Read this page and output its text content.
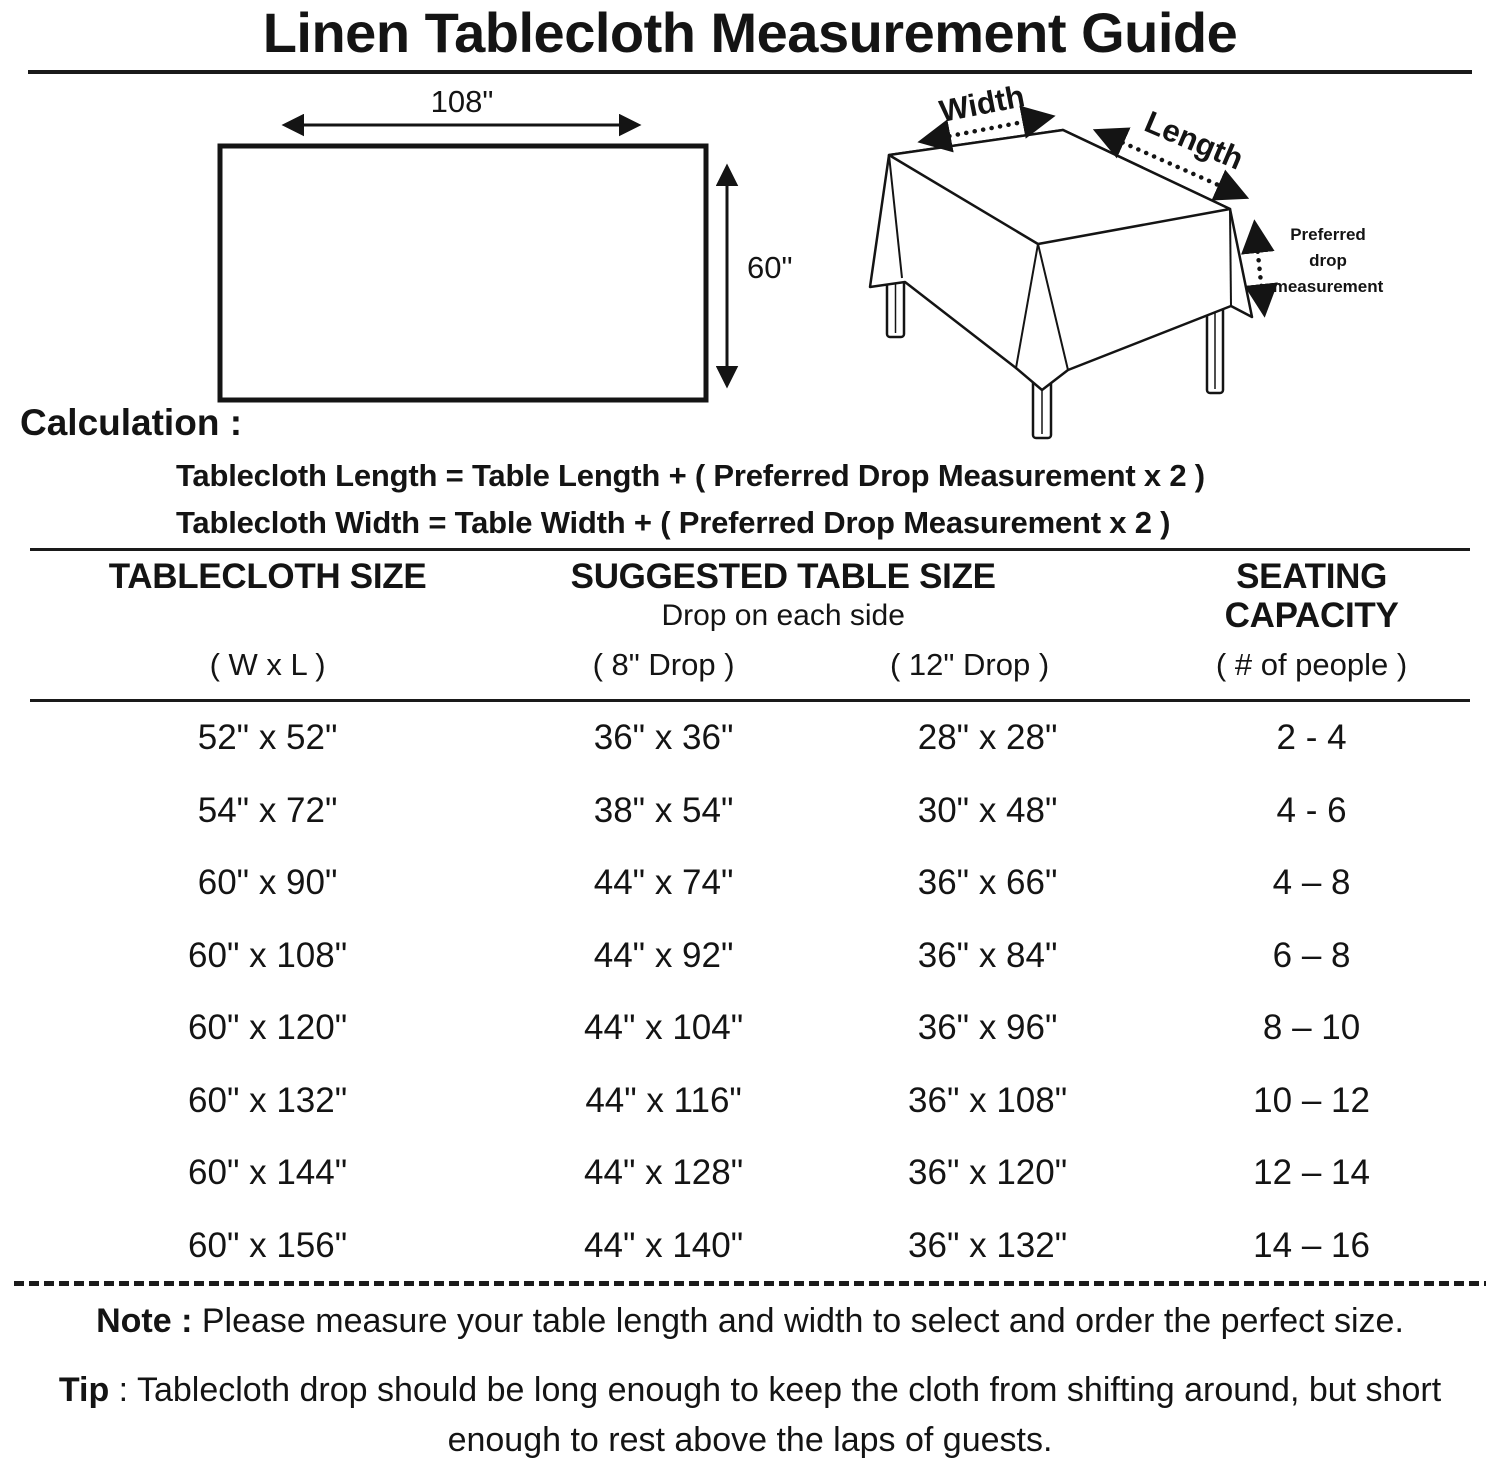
Linen Tablecloth Measurement Guide
108"
60"
Width
Length
Preferred
drop
measurement
Calculation :
Tablecloth Length = Table Length + ( Preferred Drop Measurement x 2 )
Tablecloth Width = Table Width + ( Preferred Drop Measurement x 2 )
TABLECLOTH SIZE	SUGGESTED TABLE SIZE
Drop on each side
SEATING CAPACITY
( W x L )	( 8" Drop )	( 12" Drop )	( # of people )
52" x 52"	36" x 36"	28" x 28"	2 - 4
54" x 72"	38" x 54"	30" x 48"	4 - 6
60" x 90"	44" x 74"	36" x 66"	4 – 8
60" x 108"	44" x 92"	36" x 84"	6 – 8
60" x 120"	44" x 104"	36" x 96"	8 – 10
60" x 132"	44" x 116"	36" x 108"	10 – 12
60" x 144"	44" x 128"	36" x 120"	12 – 14
60" x 156"	44" x 140"	36" x 132"	14 – 16

Note : Please measure your table length and width to select and order the perfect size.

Tip : Tablecloth drop should be long enough to keep the cloth from shifting around, but short enough to rest above the laps of guests.
